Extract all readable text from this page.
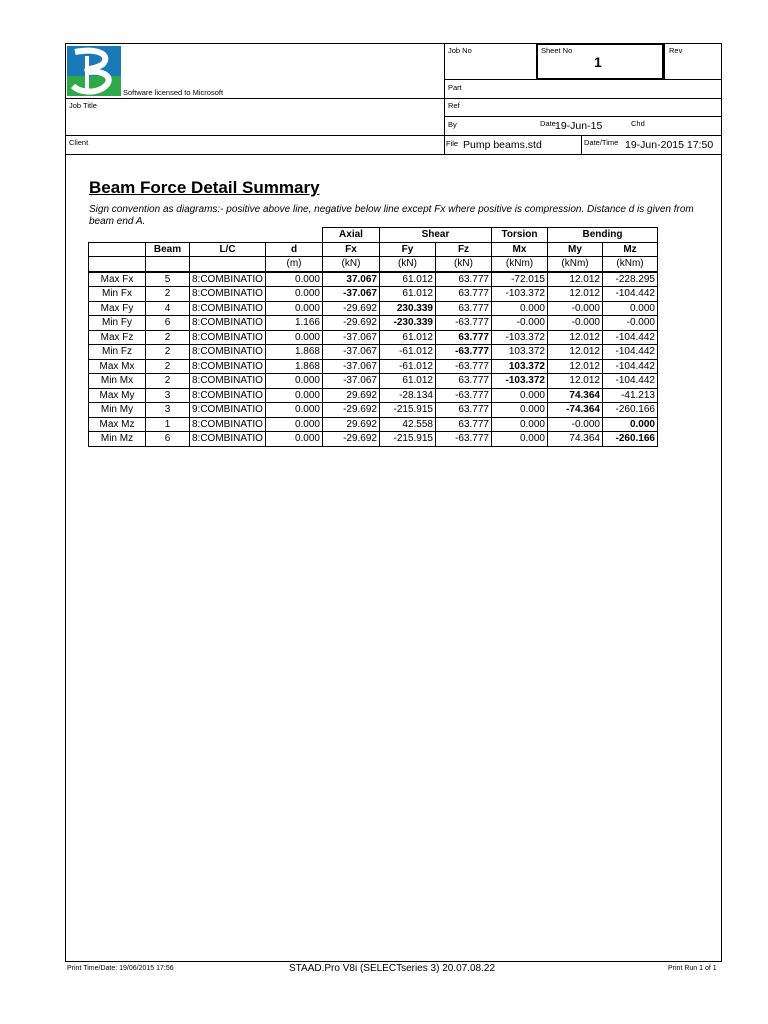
Software licensed to Microsoft
Job No	Sheet No
1
Rev
Part
Job Title	Ref
By	Date 19-Jun-15	Chd
Client	File Pump beams.std	Date/Time 19-Jun-2015 17:50
Beam Force Detail Summary
Sign convention as diagrams:- positive above line, negative below line except Fx where positive is compression. Distance d is given from beam end A.
				Axial	Shear		Torsion	Bending	
	Beam	L/C	d	Fx	Fy	Fz	Mx	My	Mz
			(m)	(kN)	(kN)	(kN)	(kNm)	(kNm)	(kNm)
Max Fx	5	8:COMBINATIO	0.000	37.067	61.012	63.777	-72.015	12.012	-228.295
Min Fx	2	8:COMBINATIO	0.000	-37.067	61.012	63.777	-103.372	12.012	-104.442
Max Fy	4	8:COMBINATIO	0.000	-29.692	230.339	63.777	0.000	-0.000	0.000
Min Fy	6	8:COMBINATIO	1.166	-29.692	-230.339	-63.777	-0.000	-0.000	-0.000
Max Fz	2	8:COMBINATIO	0.000	-37.067	61.012	63.777	-103.372	12.012	-104.442
Min Fz	2	8:COMBINATIO	1.868	-37.067	-61.012	-63.777	103.372	12.012	-104.442
Max Mx	2	8:COMBINATIO	1.868	-37.067	-61.012	-63.777	103.372	12.012	-104.442
Min Mx	2	8:COMBINATIO	0.000	-37.067	61.012	63.777	-103.372	12.012	-104.442
Max My	3	8:COMBINATIO	0.000	29.692	-28.134	-63.777	0.000	74.364	-41.213
Min My	3	9:COMBINATIO	0.000	-29.692	-215.915	63.777	0.000	-74.364	-260.166
Max Mz	1	8:COMBINATIO	0.000	29.692	42.558	63.777	0.000	-0.000	0.000
Min Mz	6	8:COMBINATIO	0.000	-29.692	-215.915	-63.777	0.000	74.364	-260.166
Print Time/Date: 19/06/2015 17:56	STAAD.Pro V8i (SELECTseries 3) 20.07.08.22	Print Run 1 of 1
